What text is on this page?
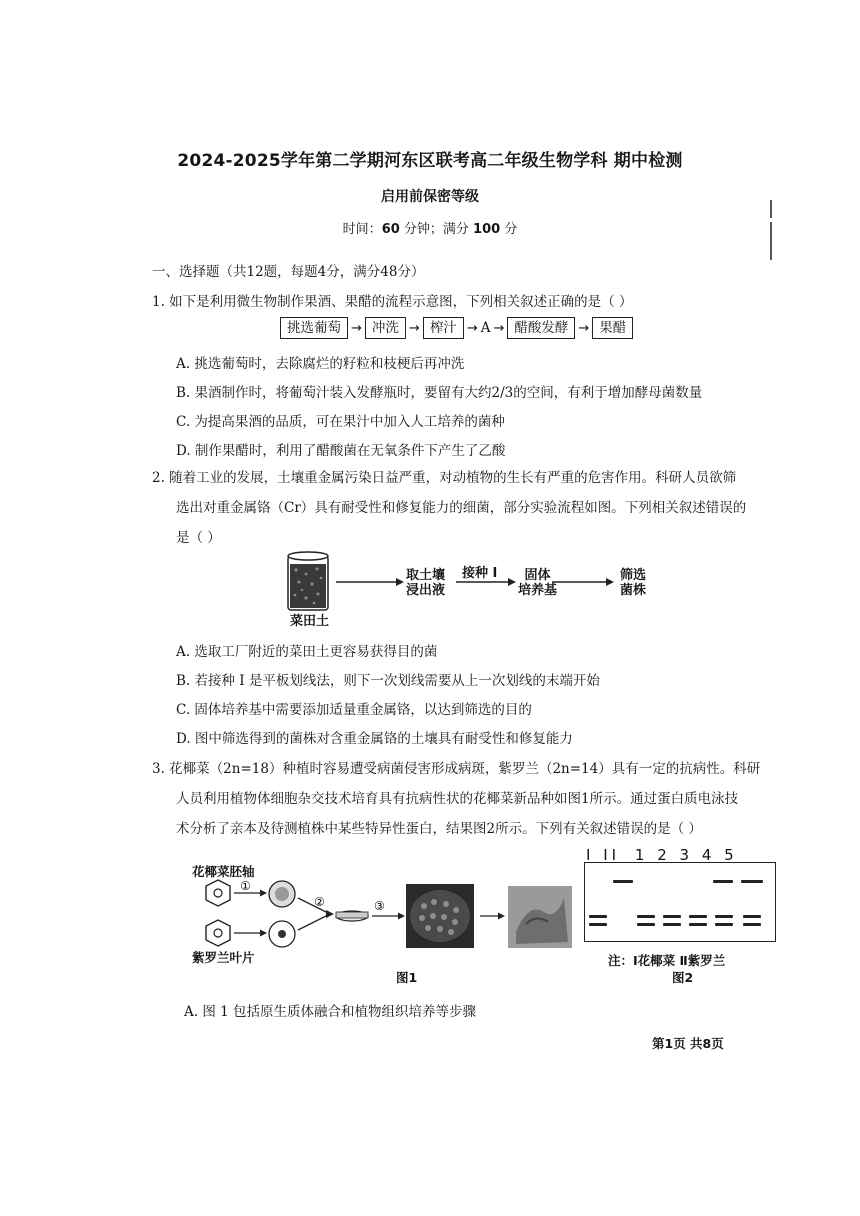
2024-2025学年第二学期河东区联考高二年级生物学科 期中检测
启用前保密等级
时间：60 分钟；满分 100 分
一、选择题（共12题，每题4分，满分48分）
1. 如下是利用微生物制作果酒、果醋的流程示意图，下列相关叙述正确的是（ ）
挑选葡萄 → 冲洗 → 榨汁 → A → 醋酸发酵 → 果醋
A. 挑选葡萄时，去除腐烂的籽粒和枝梗后再冲洗
B. 果酒制作时，将葡萄汁装入发酵瓶时，要留有大约2/3的空间，有利于增加酵母菌数量
C. 为提高果酒的品质，可在果汁中加入人工培养的菌种
D. 制作果醋时，利用了醋酸菌在无氧条件下产生了乙酸
2. 随着工业的发展，土壤重金属污染日益严重，对动植物的生长有严重的危害作用。科研人员欲筛
选出对重金属铬（Cr）具有耐受性和修复能力的细菌，部分实验流程如图。下列相关叙述错误的
是（ ）
菜田土
取土壤
浸出液
接种 I	固体
培养基
筛选
菌株
A. 选取工厂附近的菜田土更容易获得目的菌
B. 若接种 I 是平板划线法，则下一次划线需要从上一次划线的末端开始
C. 固体培养基中需要添加适量重金属铬，以达到筛选的目的
D. 图中筛选得到的菌株对含重金属铬的土壤具有耐受性和修复能力
3. 花椰菜（2n=18）种植时容易遭受病菌侵害形成病斑，紫罗兰（2n=14）具有一定的抗病性。科研
人员利用植物体细胞杂交技术培育具有抗病性状的花椰菜新品种如图1所示。通过蛋白质电泳技
术分析了亲本及待测植株中某些特异性蛋白，结果图2所示。下列有关叙述错误的是（ ）
花椰菜胚轴
紫罗兰叶片
①
②	③
I II 1 2 3 4 5
注：Ⅰ花椰菜 Ⅱ紫罗兰
图1	图2
A. 图 1 包括原生质体融合和植物组织培养等步骤
第1页 共8页
